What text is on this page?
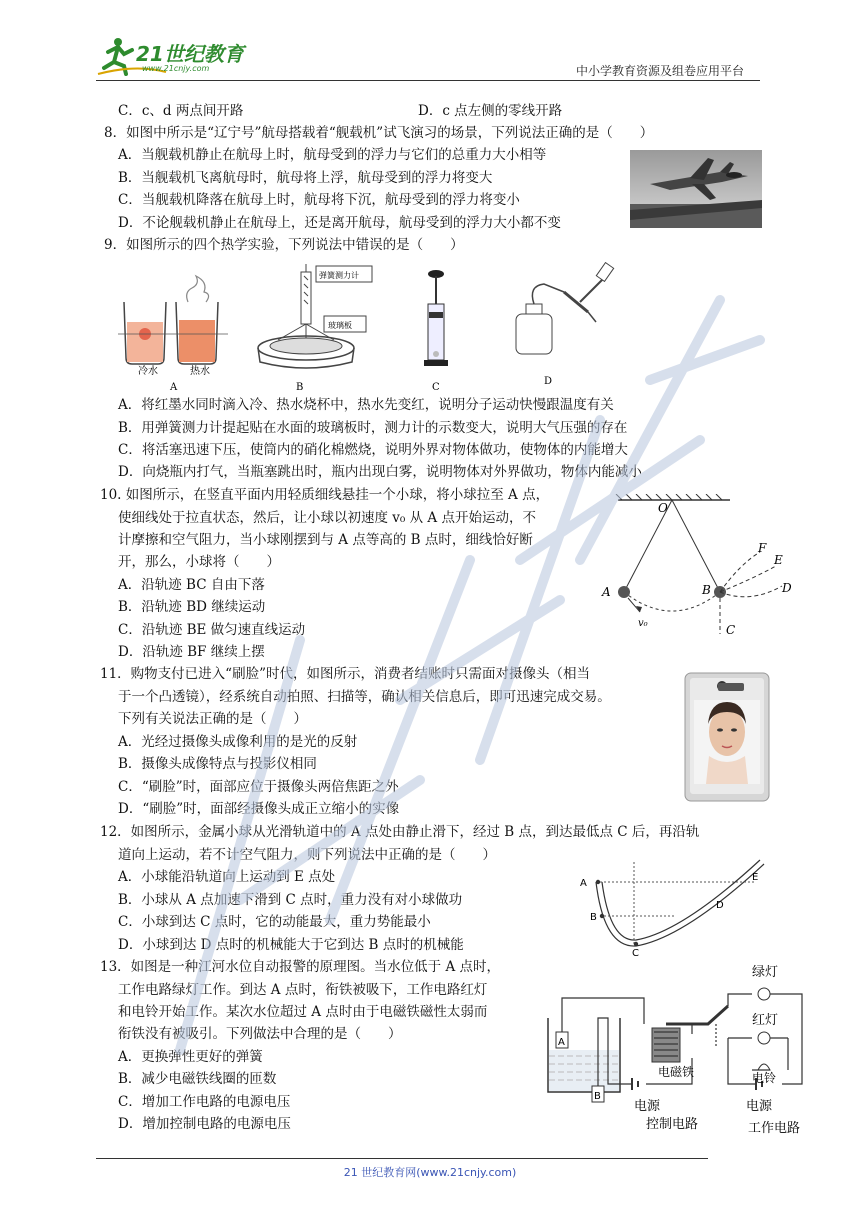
21世纪教育
www.21cnjy.com	中小学教育资源及组卷应用平台
C．c、d 两点间开路	D．c 点左侧的零线开路
8．如图中所示是“辽宁号”航母搭载着“舰载机”试飞演习的场景，下列说法正确的是（　　）
A．当舰载机静止在航母上时，航母受到的浮力与它们的总重力大小相等
B．当舰载机飞离航母时，航母将上浮，航母受到的浮力将变大
C．当舰载机降落在航母上时，航母将下沉，航母受到的浮力将变小
D．不论舰载机静止在航母上，还是离开航母，航母受到的浮力大小都不变
9．如图所示的四个热学实验，下列说法中错误的是（　　）
冷水	热水
A
弹簧测力计
玻璃板
B	C
D
A．将红墨水同时滴入冷、热水烧杯中，热水先变红，说明分子运动快慢跟温度有关
B．用弹簧测力计提起贴在水面的玻璃板时，测力计的示数变大，说明大气压强的存在
C．将活塞迅速下压，使筒内的硝化棉燃烧，说明外界对物体做功，使物体的内能增大
D．向烧瓶内打气，当瓶塞跳出时，瓶内出现白雾，说明物体对外界做功，物体内能减小
10. 如图所示，在竖直平面内用轻质细线悬挂一个小球，将小球拉至 A 点，
使细线处于拉直状态，然后，让小球以初速度 v₀ 从 A 点开始运动，不
计摩擦和空气阻力，当小球刚摆到与 A 点等高的 B 点时，细线恰好断
开，那么，小球将（　　）
A．沿轨迹 BC 自由下落
B．沿轨迹 BD 继续运动
C．沿轨迹 BE 做匀速直线运动
D．沿轨迹 BF 继续上摆
O
A	B
C
D
E
F
v₀
11．购物支付已进入“刷脸”时代，如图所示，消费者结账时只需面对摄像头（相当
于一个凸透镜），经系统自动拍照、扫描等，确认相关信息后，即可迅速完成交易。
下列有关说法正确的是（　　）
A．光经过摄像头成像利用的是光的反射
B．摄像头成像特点与投影仪相同
C．“刷脸”时，面部应位于摄像头两倍焦距之外
D．“刷脸”时，面部经摄像头成正立缩小的实像
12．如图所示，金属小球从光滑轨道中的 A 点处由静止滑下，经过 B 点，到达最低点 C 后，再沿轨
道向上运动，若不计空气阻力，则下列说法中正确的是（　　）
A．小球能沿轨道向上运动到 E 点处
B．小球从 A 点加速下滑到 C 点时，重力没有对小球做功
C．小球到达 C 点时，它的动能最大，重力势能最小
D．小球到达 D 点时的机械能大于它到达 B 点时的机械能
A
B
C
D
E
13．如图是一种江河水位自动报警的原理图。当水位低于 A 点时，
工作电路绿灯工作。到达 A 点时，衔铁被吸下，工作电路红灯
和电铃开始工作。某次水位超过 A 点时由于电磁铁磁性太弱而
衔铁没有被吸引。下列做法中合理的是（　　）
A．更换弹性更好的弹簧
B．减少电磁铁线圈的匝数
C．增加工作电路的电源电压
D．增加控制电路的电源电压
A
B
电磁铁
绿灯
红灯
电铃
电源
控制电路
电源
工作电路
21 世纪教育网(www.21cnjy.com)
